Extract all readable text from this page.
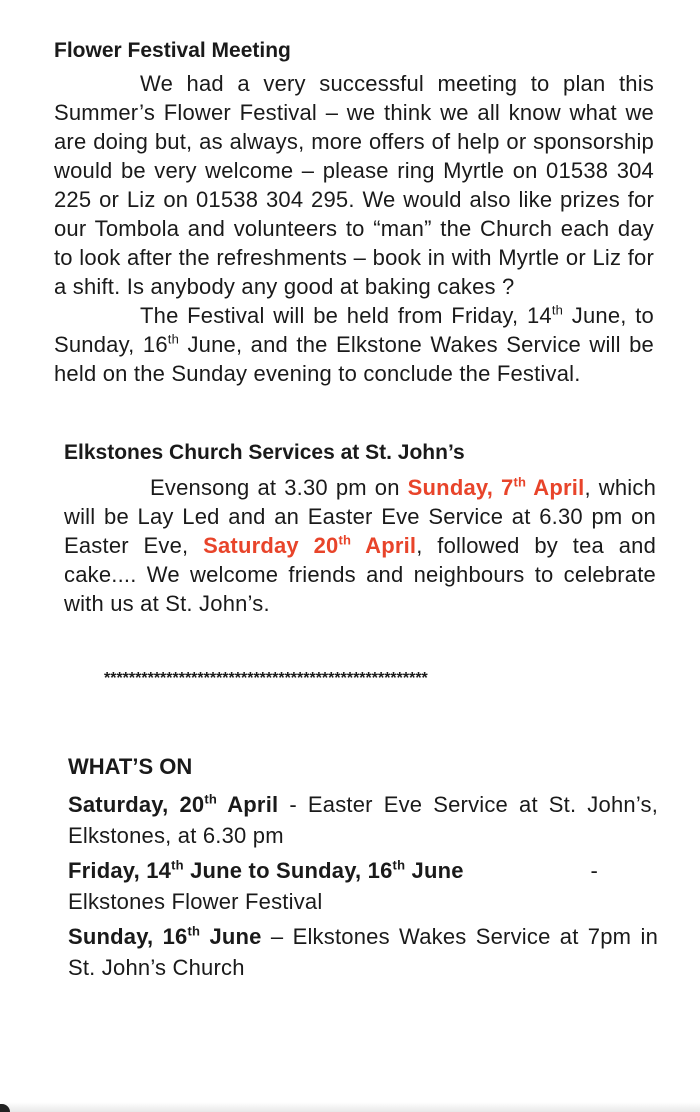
Flower Festival Meeting

We had a very successful meeting to plan this Summer’s Flower Festival – we think we all know what we are doing but, as always, more offers of help or sponsorship would be very welcome – please ring Myrtle on 01538 304 225 or Liz on 01538 304 295. We would also like prizes for our Tombola and volunteers to “man” the Church each day to look after the refreshments – book in with Myrtle or Liz for a shift. Is anybody any good at baking cakes ?

The Festival will be held from Friday, 14th June, to Sunday, 16th June, and the Elkstone Wakes Service will be held on the Sunday evening to conclude the Festival.

Elkstones Church Services at St. John’s

Evensong at 3.30 pm on Sunday, 7th April, which will be Lay Led and an Easter Eve Service at 6.30 pm on Easter Eve, Saturday 20th April, followed by tea and cake.... We welcome friends and neighbours to celebrate with us at St. John’s.

****************************************************
WHAT’S ON

Saturday, 20th April - Easter Eve Service at St. John’s, Elkstones, at 6.30 pm

Friday, 14th June to Sunday, 16th June	-

Elkstones Flower Festival

Sunday, 16th June – Elkstones Wakes Service at 7pm in St. John’s Church
